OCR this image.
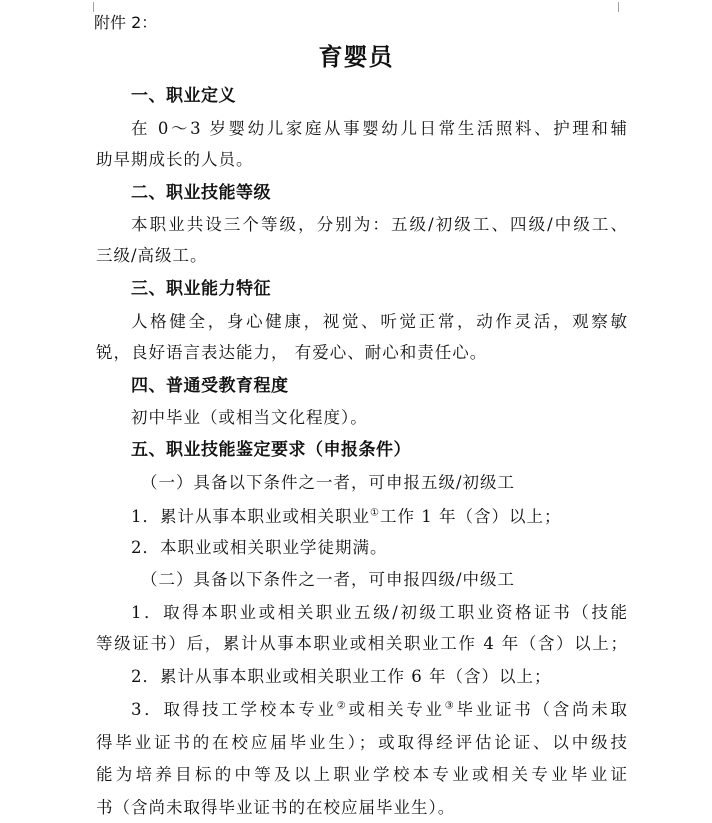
附件 2：
育婴员
一、职业定义
在 0～3 岁婴幼儿家庭从事婴幼儿日常生活照料、护理和辅
助早期成长的人员。
二、职业技能等级
本职业共设三个等级，分别为：五级/初级工、四级/中级工、
三级/高级工。
三、职业能力特征
人格健全，身心健康，视觉、听觉正常，动作灵活，观察敏
锐，良好语言表达能力， 有爱心、耐心和责任心。
四、普通受教育程度
初中毕业（或相当文化程度）。
五、职业技能鉴定要求（申报条件）
（一）具备以下条件之一者，可申报五级/初级工
1．累计从事本职业或相关职业①工作 1 年（含）以上；
2．本职业或相关职业学徒期满。
（二）具备以下条件之一者，可申报四级/中级工
1．取得本职业或相关职业五级/初级工职业资格证书（技能
等级证书）后，累计从事本职业或相关职业工作 4 年（含）以上；
2．累计从事本职业或相关职业工作 6 年（含）以上；
3．取得技工学校本专业②或相关专业③毕业证书（含尚未取
得毕业证书的在校应届毕业生）；或取得经评估论证、以中级技
能为培养目标的中等及以上职业学校本专业或相关专业毕业证
书（含尚未取得毕业证书的在校应届毕业生）。
